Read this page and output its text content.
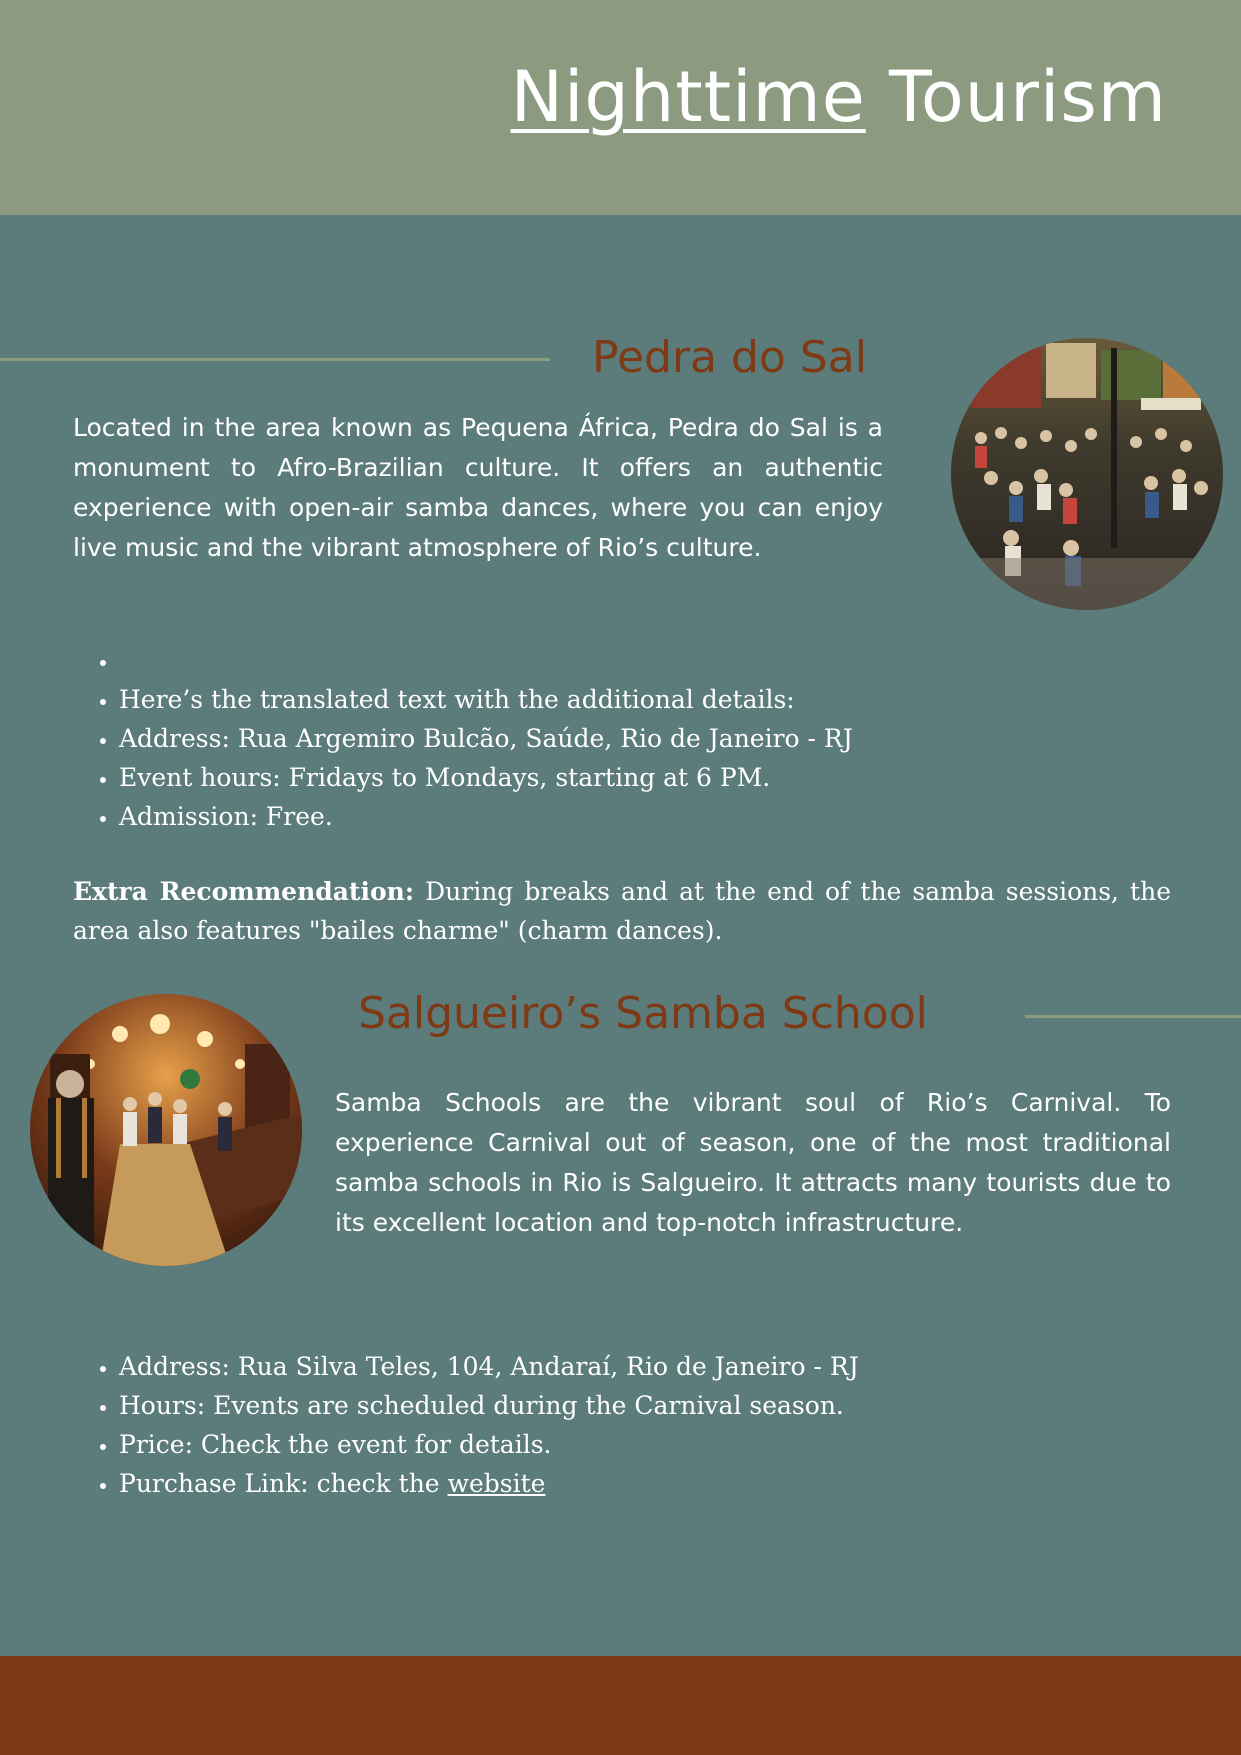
Nighttime Tourism
Pedra do Sal

Located in the area known as Pequena África, Pedra do Sal is a monument to Afro-Brazilian culture. It offers an authentic experience with open-air samba dances, where you can enjoy live music and the vibrant atmosphere of Rio’s culture.

•
• Here’s the translated text with the additional details:
• Address: Rua Argemiro Bulcão, Saúde, Rio de Janeiro - RJ
• Event hours: Fridays to Mondays, starting at 6 PM.
• Admission: Free.

Extra Recommendation: During breaks and at the end of the samba sessions, the area also features "bailes charme" (charm dances).

Salgueiro’s Samba School

Samba Schools are the vibrant soul of Rio’s Carnival. To experience Carnival out of season, one of the most traditional samba schools in Rio is Salgueiro. It attracts many tourists due to its excellent location and top-notch infrastructure.

• Address: Rua Silva Teles, 104, Andaraí, Rio de Janeiro - RJ
• Hours: Events are scheduled during the Carnival season.
• Price: Check the event for details.
• Purchase Link: check the website
